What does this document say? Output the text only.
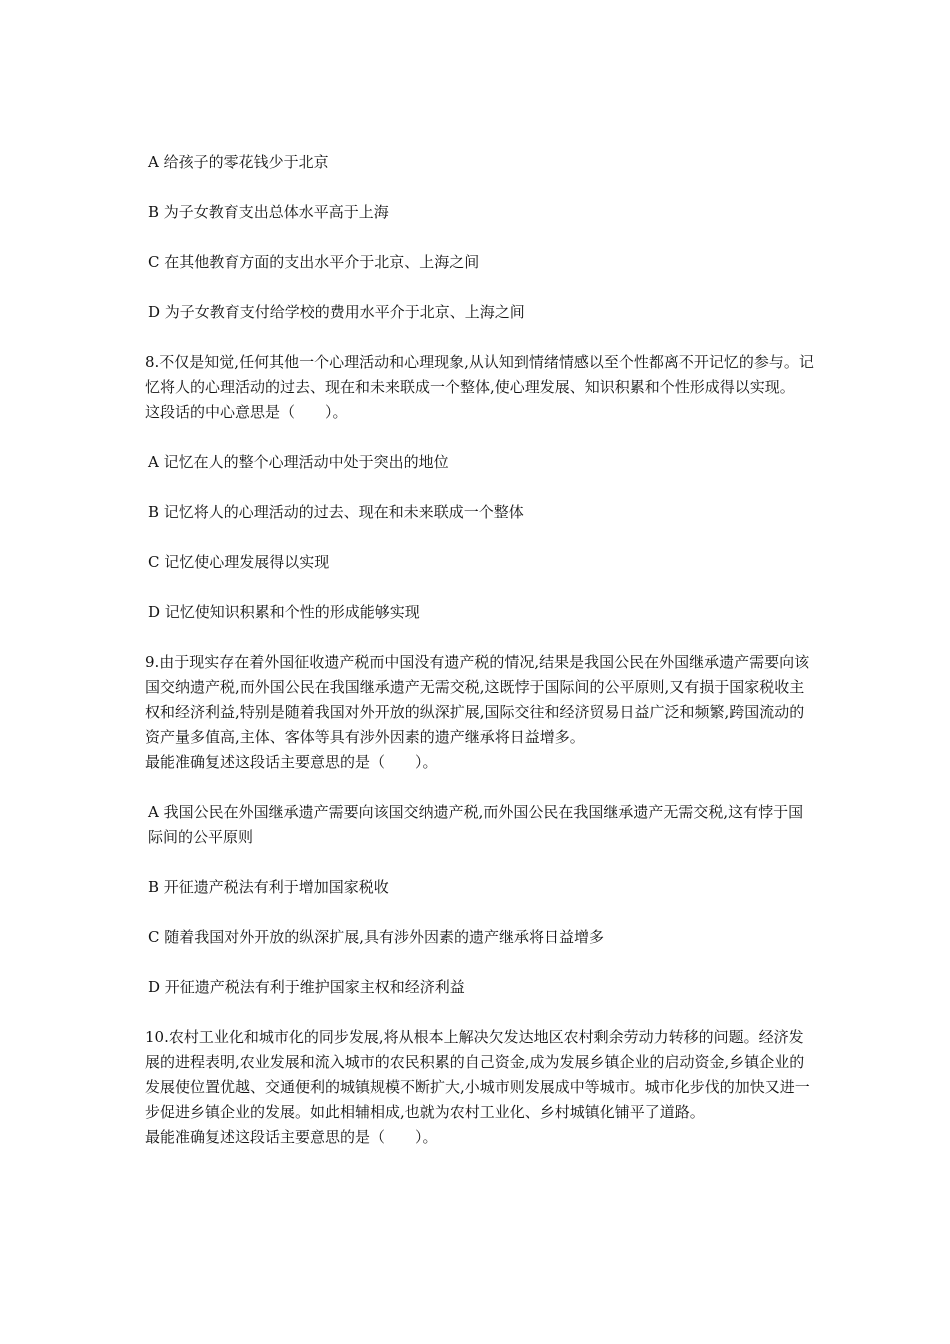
A 给孩子的零花钱少于北京
B 为子女教育支出总体水平高于上海
C 在其他教育方面的支出水平介于北京、上海之间
D 为子女教育支付给学校的费用水平介于北京、上海之间
8.不仅是知觉,任何其他一个心理活动和心理现象,从认知到情绪情感以至个性都离不开记忆的参与。记忆将人的心理活动的过去、现在和未来联成一个整体,使心理发展、知识积累和个性形成得以实现。
这段话的中心意思是（　　）。
A 记忆在人的整个心理活动中处于突出的地位
B 记忆将人的心理活动的过去、现在和未来联成一个整体
C 记忆使心理发展得以实现
D 记忆使知识积累和个性的形成能够实现
9.由于现实存在着外国征收遗产税而中国没有遗产税的情况,结果是我国公民在外国继承遗产需要向该国交纳遗产税,而外国公民在我国继承遗产无需交税,这既悖于国际间的公平原则,又有损于国家税收主权和经济利益,特别是随着我国对外开放的纵深扩展,国际交往和经济贸易日益广泛和频繁,跨国流动的资产量多值高,主体、客体等具有涉外因素的遗产继承将日益增多。
最能准确复述这段话主要意思的是（　　）。
A 我国公民在外国继承遗产需要向该国交纳遗产税,而外国公民在我国继承遗产无需交税,这有悖于国际间的公平原则
B 开征遗产税法有利于增加国家税收
C 随着我国对外开放的纵深扩展,具有涉外因素的遗产继承将日益增多
D 开征遗产税法有利于维护国家主权和经济利益
10.农村工业化和城市化的同步发展,将从根本上解决欠发达地区农村剩余劳动力转移的问题。经济发展的进程表明,农业发展和流入城市的农民积累的自己资金,成为发展乡镇企业的启动资金,乡镇企业的发展使位置优越、交通便利的城镇规模不断扩大,小城市则发展成中等城市。城市化步伐的加快又进一步促进乡镇企业的发展。如此相辅相成,也就为农村工业化、乡村城镇化铺平了道路。
最能准确复述这段话主要意思的是（　　）。
